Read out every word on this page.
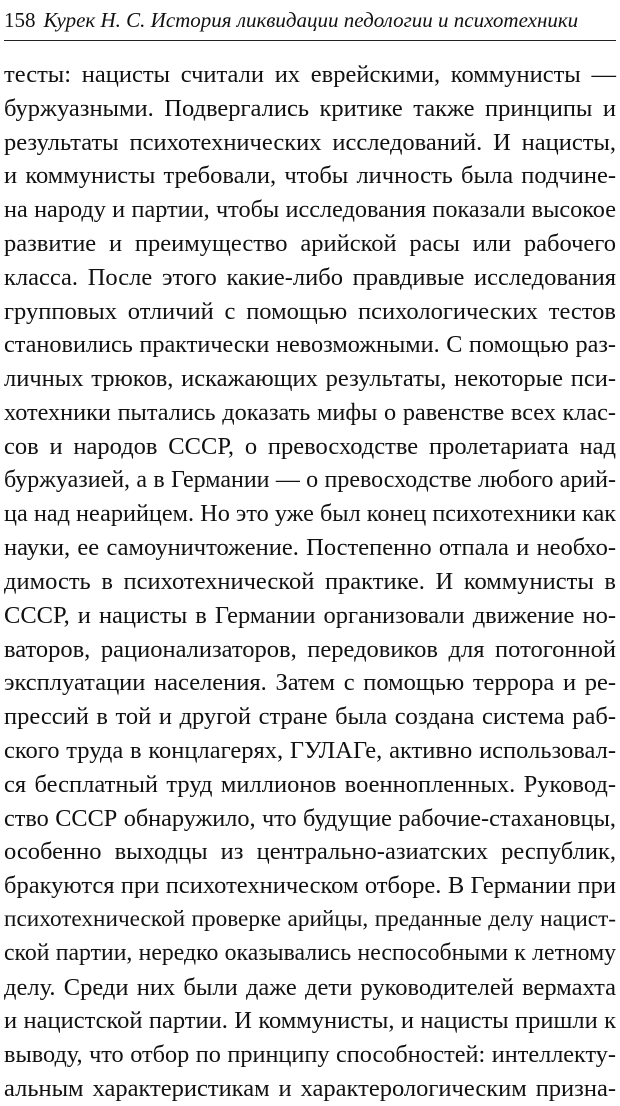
158 Курек Н. С. История ликвидации педологии и психотехники
тесты: нацисты считали их еврейскими, коммунисты —
буржуазными. Подвергались критике также принципы и
результаты психотехнических исследований. И нацисты,
и коммунисты требовали, чтобы личность была подчине-
на народу и партии, чтобы исследования показали высокое
развитие и преимущество арийской расы или рабочего
класса. После этого какие-либо правдивые исследования
групповых отличий с помощью психологических тестов
становились практически невозможными. С помощью раз-
личных трюков, искажающих результаты, некоторые пси-
хотехники пытались доказать мифы о равенстве всех клас-
сов и народов СССР, о превосходстве пролетариата над
буржуазией, а в Германии — о превосходстве любого арий-
ца над неарийцем. Но это уже был конец психотехники как
науки, ее самоуничтожение. Постепенно отпала и необхо-
димость в психотехнической практике. И коммунисты в
СССР, и нацисты в Германии организовали движение но-
ваторов, рационализаторов, передовиков для потогонной
эксплуатации населения. Затем с помощью террора и ре-
прессий в той и другой стране была создана система раб-
ского труда в концлагерях, ГУЛАГе, активно использовал-
ся бесплатный труд миллионов военнопленных. Руковод-
ство СССР обнаружило, что будущие рабочие-стахановцы,
особенно выходцы из центрально-азиатских республик,
бракуются при психотехническом отборе. В Германии при
психотехнической проверке арийцы, преданные делу нацист-
ской партии, нередко оказывались неспособными к летному
делу. Среди них были даже дети руководителей вермахта
и нацистской партии. И коммунисты, и нацисты пришли к
выводу, что отбор по принципу способностей: интеллекту-
альным характеристикам и характерологическим призна-
